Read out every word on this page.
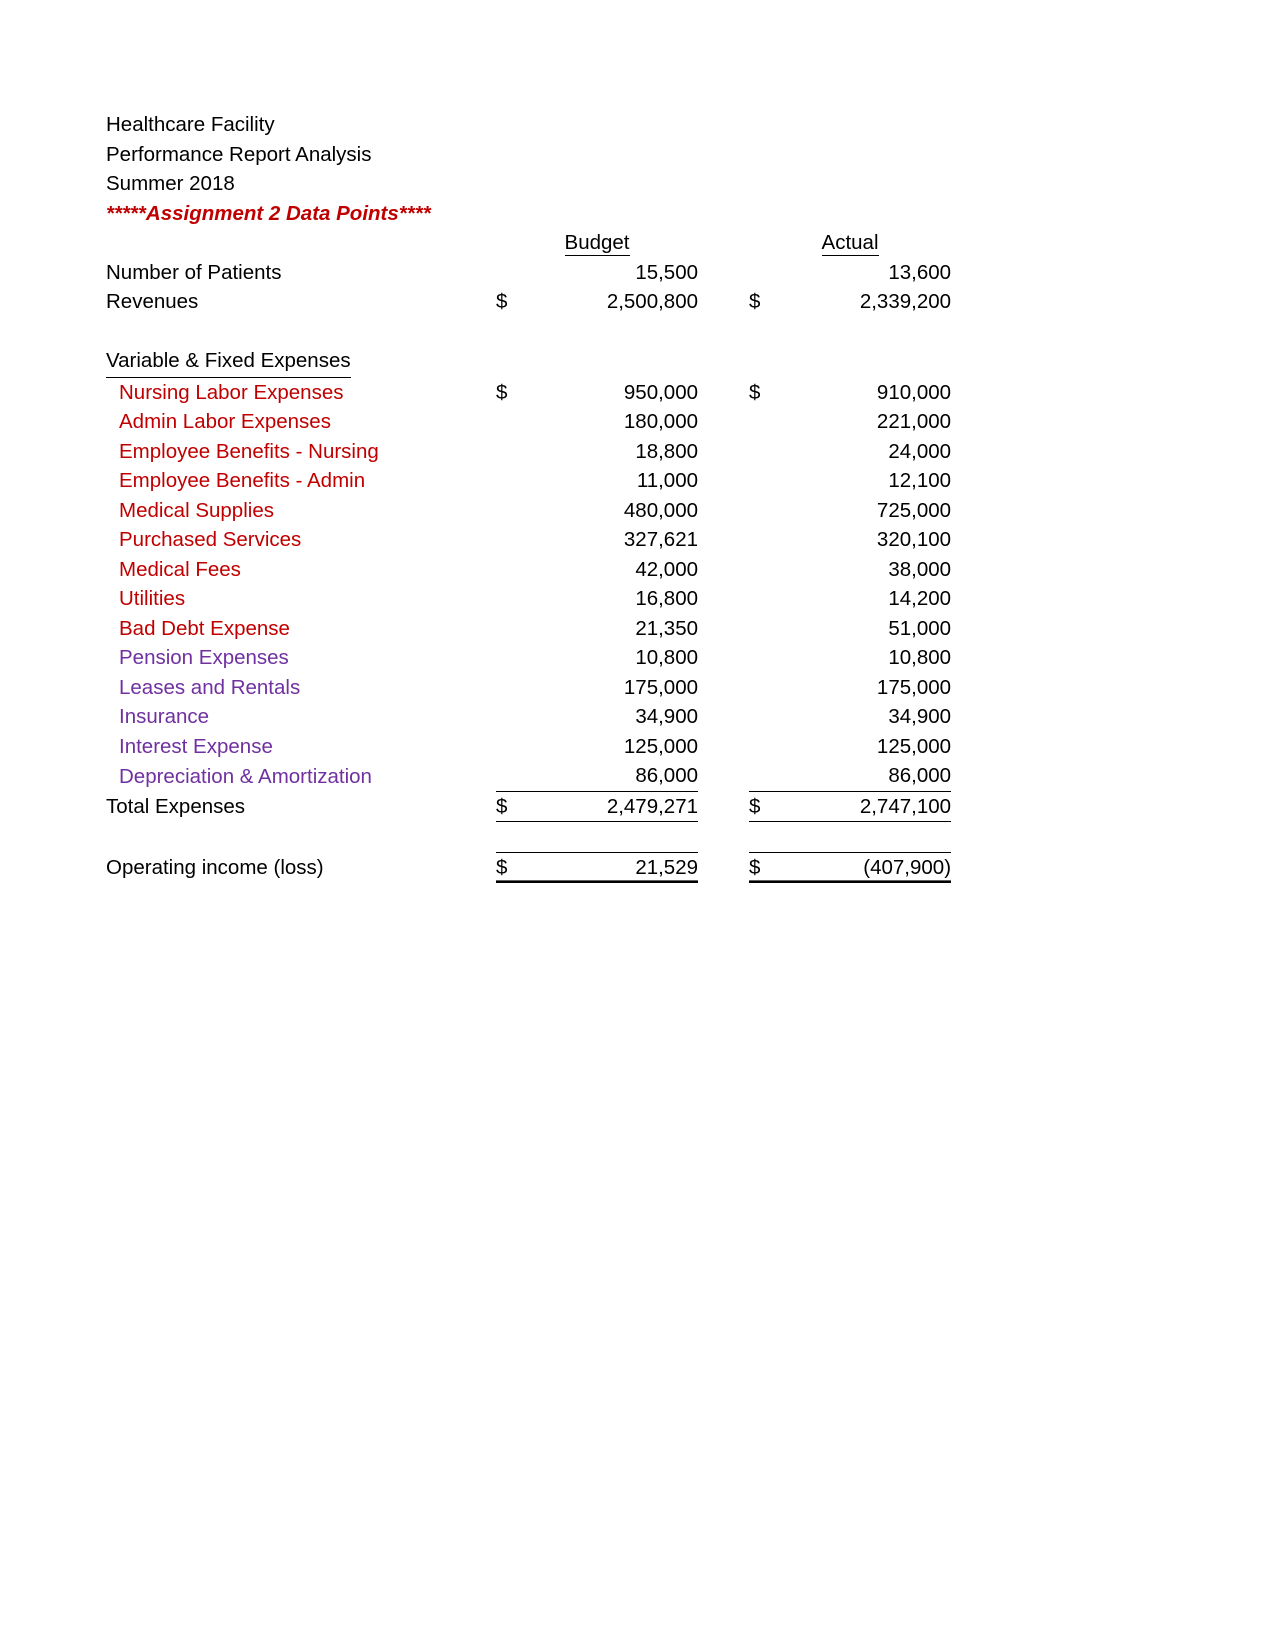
Healthcare Facility
Performance Report Analysis
Summer 2018
*****Assignment 2 Data Points****
	Budget			Actual	
Number of Patients		15,500			13,600
Revenues	$	2,500,800		$	2,339,200

Variable & Fixed Expenses					
Nursing Labor Expenses	$	950,000		$	910,000
Admin Labor Expenses		180,000			221,000
Employee Benefits - Nursing		18,800			24,000
Employee Benefits - Admin		11,000			12,100
Medical Supplies		480,000			725,000
Purchased Services		327,621			320,100
Medical Fees		42,000			38,000
Utilities		16,800			14,200
Bad Debt Expense		21,350			51,000
Pension Expenses		10,800			10,800
Leases and Rentals		175,000			175,000
Insurance		34,900			34,900
Interest Expense		125,000			125,000
Depreciation & Amortization		86,000			86,000
Total Expenses	$	2,479,271		$	2,747,100

Operating income (loss)	$	21,529		$	(407,900)
